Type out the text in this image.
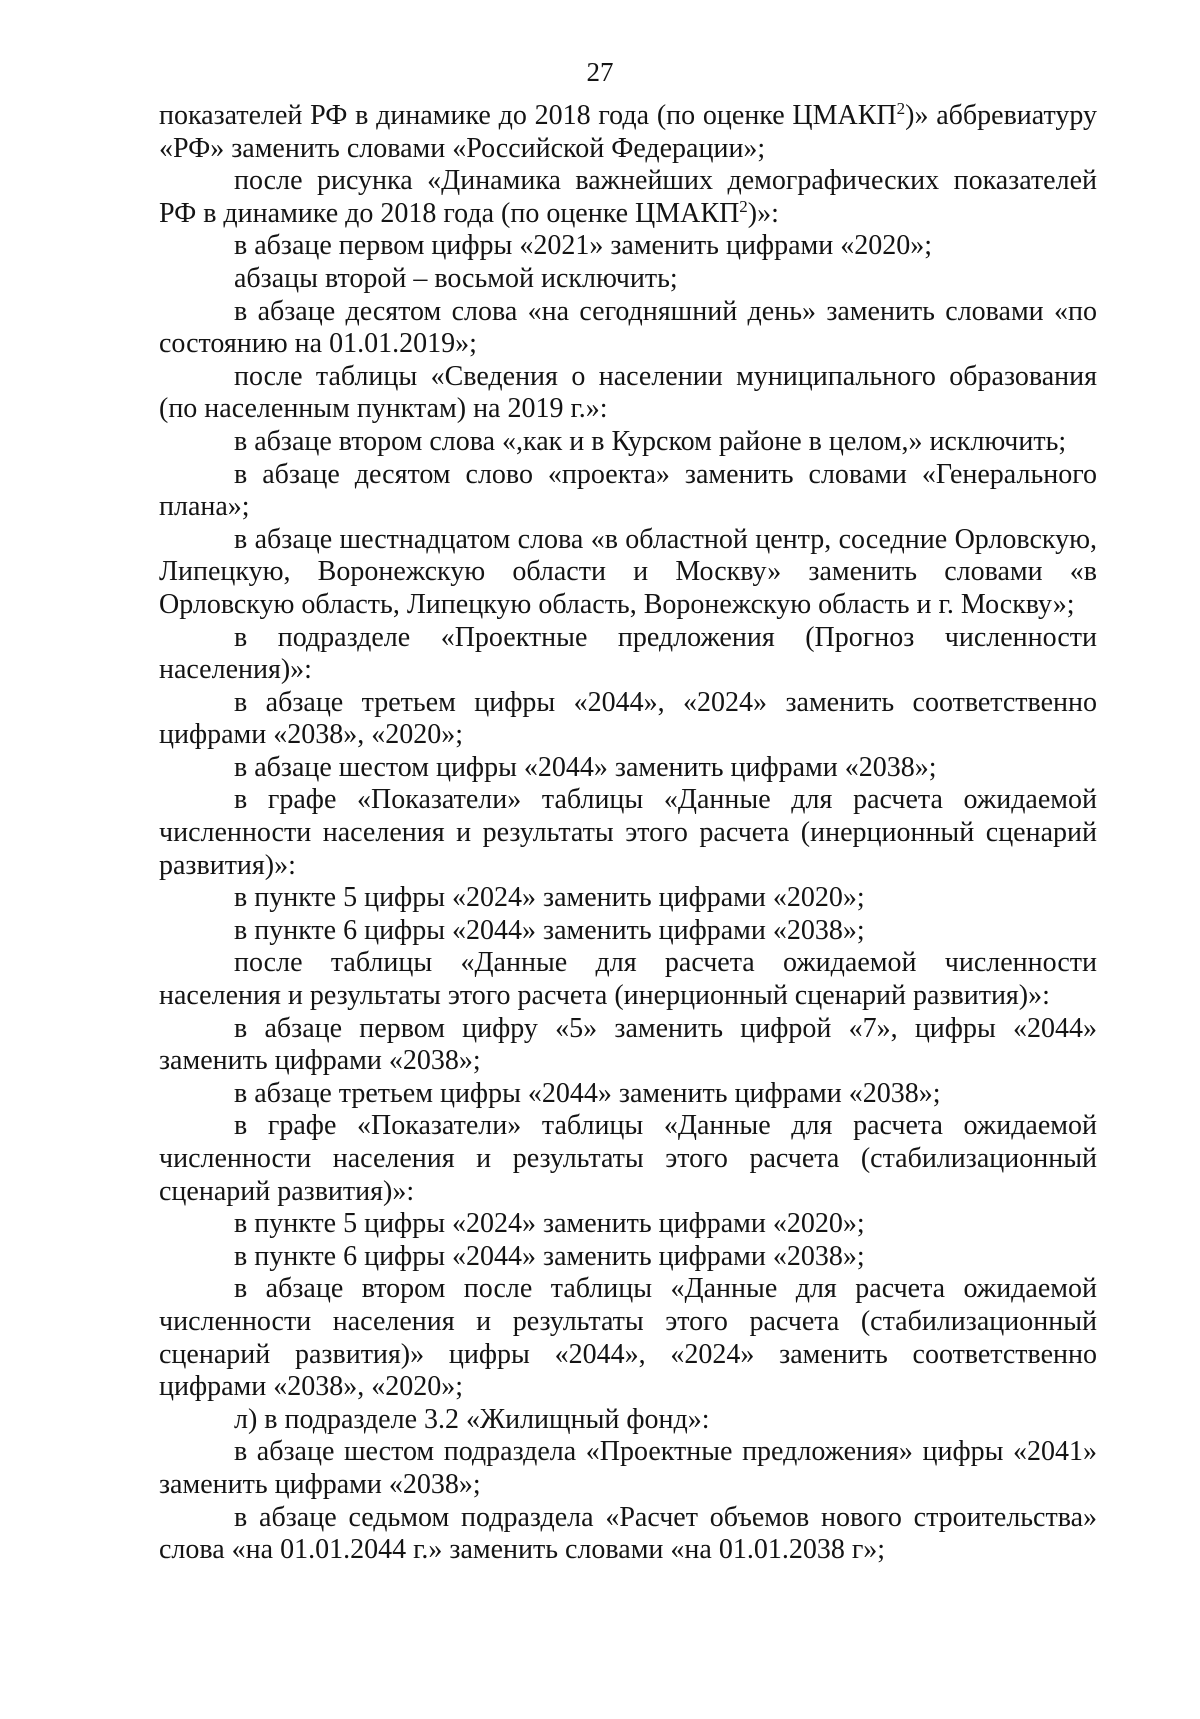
27

показателей РФ в динамике до 2018 года (по оценке ЦМАКП$^2$)» аббревиатуру «РФ» заменить словами «Российской Федерации»;

после рисунка «Динамика важнейших демографических показателей РФ в динамике до 2018 года (по оценке ЦМАКП$^2$)»:

в абзаце первом цифры «2021» заменить цифрами «2020»;

абзацы второй – восьмой исключить;

в абзаце десятом слова «на сегодняшний день» заменить словами «по состоянию на 01.01.2019»;

после таблицы «Сведения о населении муниципального образования (по населенным пунктам) на 2019 г.»:

в абзаце втором слова «,как и в Курском районе в целом,» исключить;

в абзаце десятом слово «проекта» заменить словами «Генерального плана»;

в абзаце шестнадцатом слова «в областной центр, соседние Орловскую, Липецкую, Воронежскую области и Москву» заменить словами «в Орловскую область, Липецкую область, Воронежскую область и г. Москву»;

в подразделе «Проектные предложения (Прогноз численности населения)»:

в абзаце третьем цифры «2044», «2024» заменить соответственно цифрами «2038», «2020»;

в абзаце шестом цифры «2044» заменить цифрами «2038»;

в графе «Показатели» таблицы «Данные для расчета ожидаемой численности населения и результаты этого расчета (инерционный сценарий развития)»:

в пункте 5 цифры «2024» заменить цифрами «2020»;

в пункте 6 цифры «2044» заменить цифрами «2038»;

после таблицы «Данные для расчета ожидаемой численности населения и результаты этого расчета (инерционный сценарий развития)»:

в абзаце первом цифру «5» заменить цифрой «7», цифры «2044» заменить цифрами «2038»;

в абзаце третьем цифры «2044» заменить цифрами «2038»;

в графе «Показатели» таблицы «Данные для расчета ожидаемой численности населения и результаты этого расчета (стабилизационный сценарий развития)»:

в пункте 5 цифры «2024» заменить цифрами «2020»;

в пункте 6 цифры «2044» заменить цифрами «2038»;

в абзаце втором после таблицы «Данные для расчета ожидаемой численности населения и результаты этого расчета (стабилизационный сценарий развития)» цифры «2044», «2024» заменить соответственно цифрами «2038», «2020»;

л) в подразделе 3.2 «Жилищный фонд»:

в абзаце шестом подраздела «Проектные предложения» цифры «2041» заменить цифрами «2038»;

в абзаце седьмом подраздела «Расчет объемов нового строительства» слова «на 01.01.2044 г.» заменить словами «на 01.01.2038 г»;
